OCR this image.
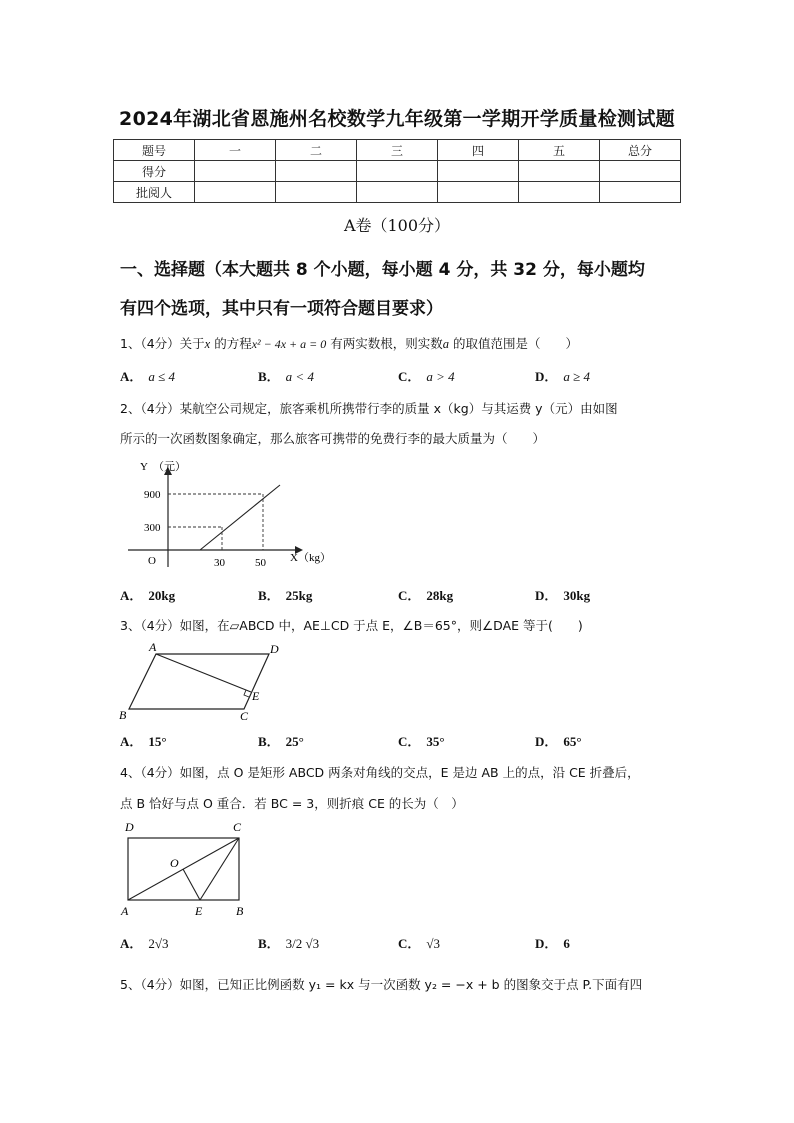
2024年湖北省恩施州名校数学九年级第一学期开学质量检测试题
题号	一	二	三	四	五	总分
得分						
批阅人						
A卷（100分）
一、选择题（本大题共 8 个小题，每小题 4 分，共 32 分，每小题均
有四个选项，其中只有一项符合题目要求）
1、（4分）关于x 的方程x² − 4x + a = 0 有两实数根，则实数a 的取值范围是（　　）
A． a ≤ 4	B． a < 4	C． a > 4	D． a ≥ 4
2、（4分）某航空公司规定，旅客乘机所携带行李的质量 x（kg）与其运费 y（元）由如图
所示的一次函数图象确定，那么旅客可携带的免费行李的最大质量为（　　）
Y　（元）
X（kg）
O
900
300
30	50
A． 20kg	B． 25kg	C． 28kg	D． 30kg
3、（4分）如图，在▱ABCD 中，AE⊥CD 于点 E，∠B＝65°，则∠DAE 等于(　　)
A	D
B	C
E
A． 15°	B． 25°	C． 35°	D． 65°
4、（4分）如图，点 O 是矩形 ABCD 两条对角线的交点，E 是边 AB 上的点，沿 CE 折叠后，
点 B 恰好与点 O 重合．若 BC = 3，则折痕 CE 的长为（　）
D	C
O
A	E	B
A． 2√3	B． 3/2 √3	C． √3	D． 6
5、（4分）如图，已知正比例函数 y₁ = kx 与一次函数 y₂ = −x + b 的图象交于点 P.下面有四
